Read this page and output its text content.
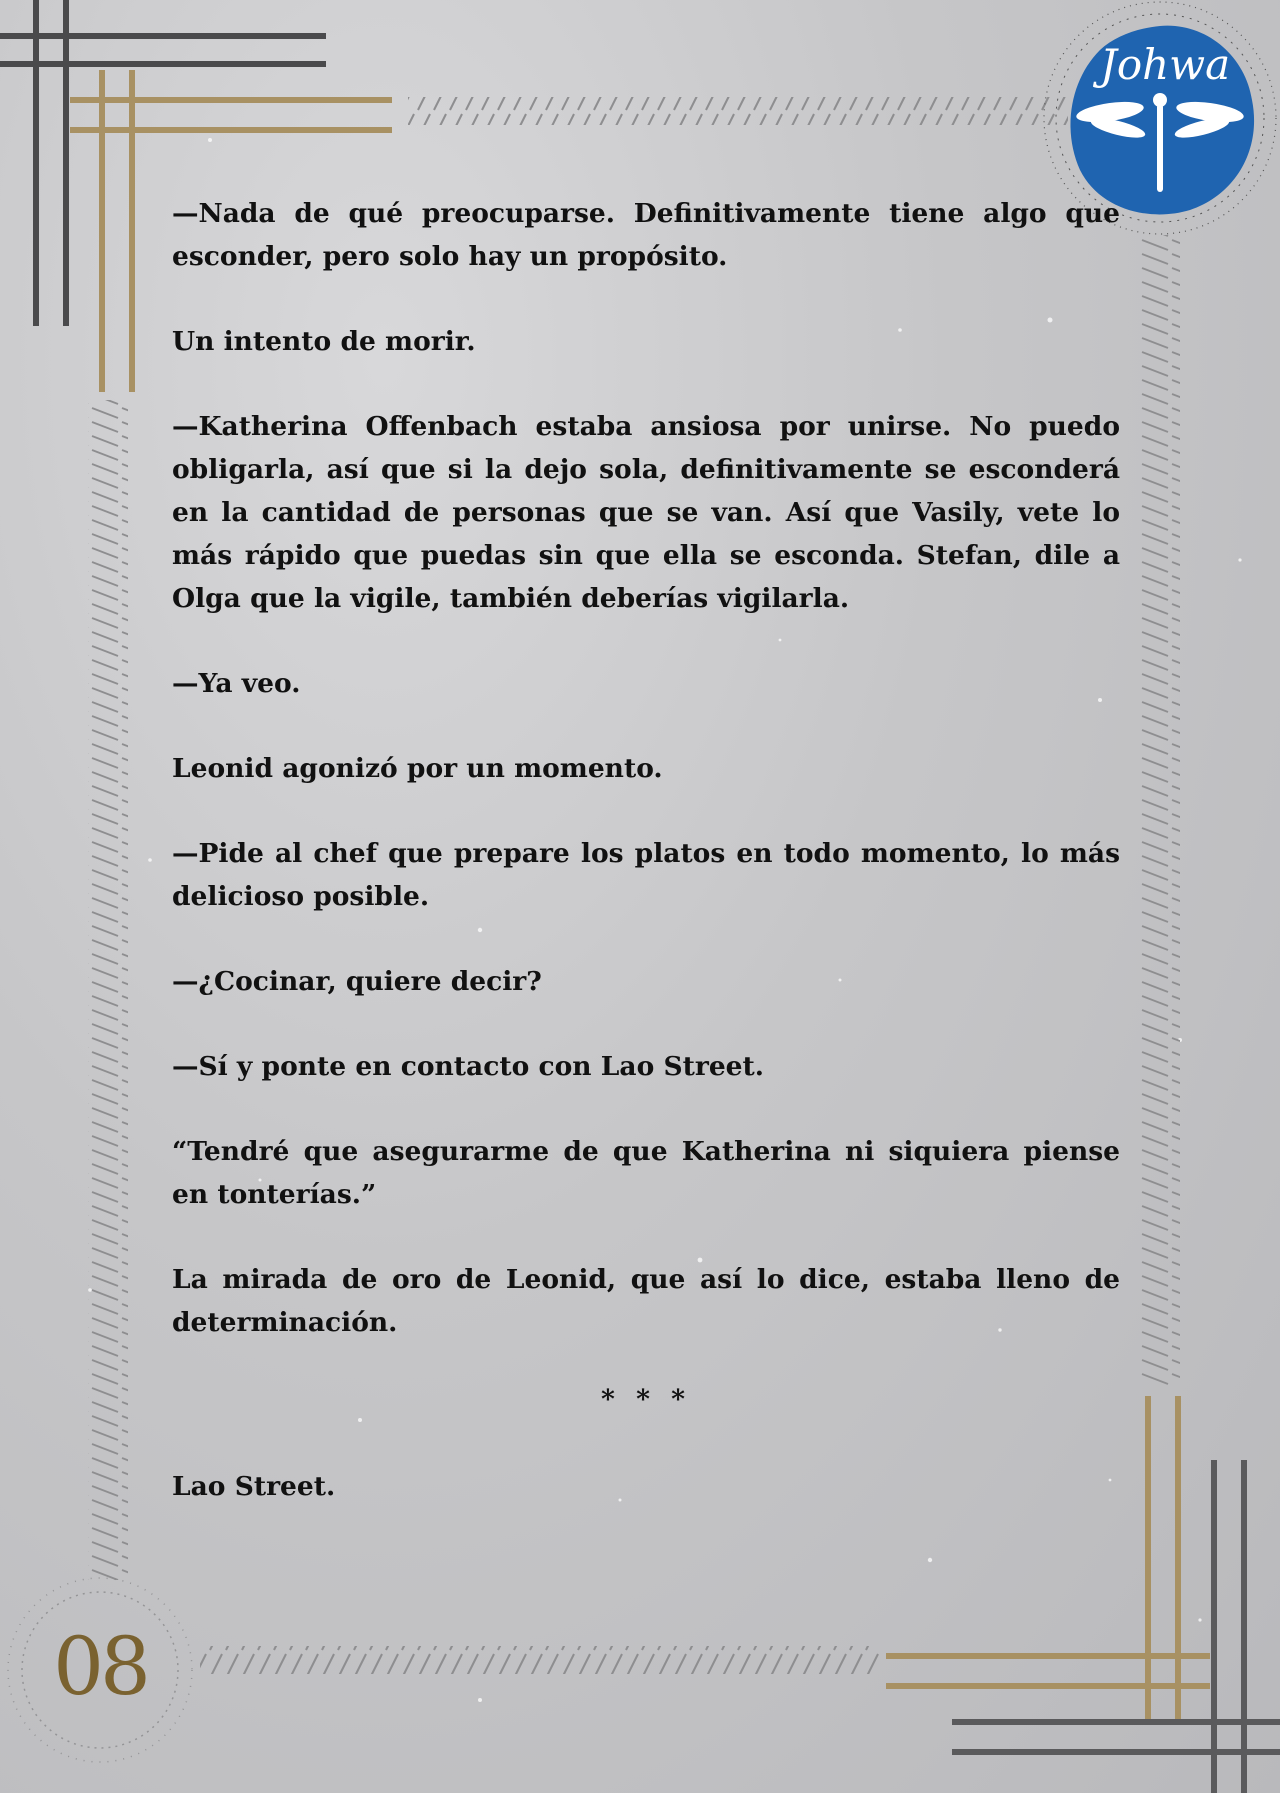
Johwa
08

—Nada de qué preocuparse. Definitivamente tiene algo que esconder, pero solo hay un propósito.

Un intento de morir.

—Katherina Offenbach estaba ansiosa por unirse. No puedo obligarla, así que si la dejo sola, definitivamente se esconderá en la cantidad de personas que se van. Así que Vasily, vete lo más rápido que puedas sin que ella se esconda. Stefan, dile a Olga que la vigile, también deberías vigilarla.

—Ya veo.

Leonid agonizó por un momento.

—Pide al chef que prepare los platos en todo momento, lo más delicioso posible.

—¿Cocinar, quiere decir?

—Sí y ponte en contacto con Lao Street.

“Tendré que asegurarme de que Katherina ni siquiera piense en tonterías.”

La mirada de oro de Leonid, que así lo dice, estaba lleno de determinación.

* * *

Lao Street.
